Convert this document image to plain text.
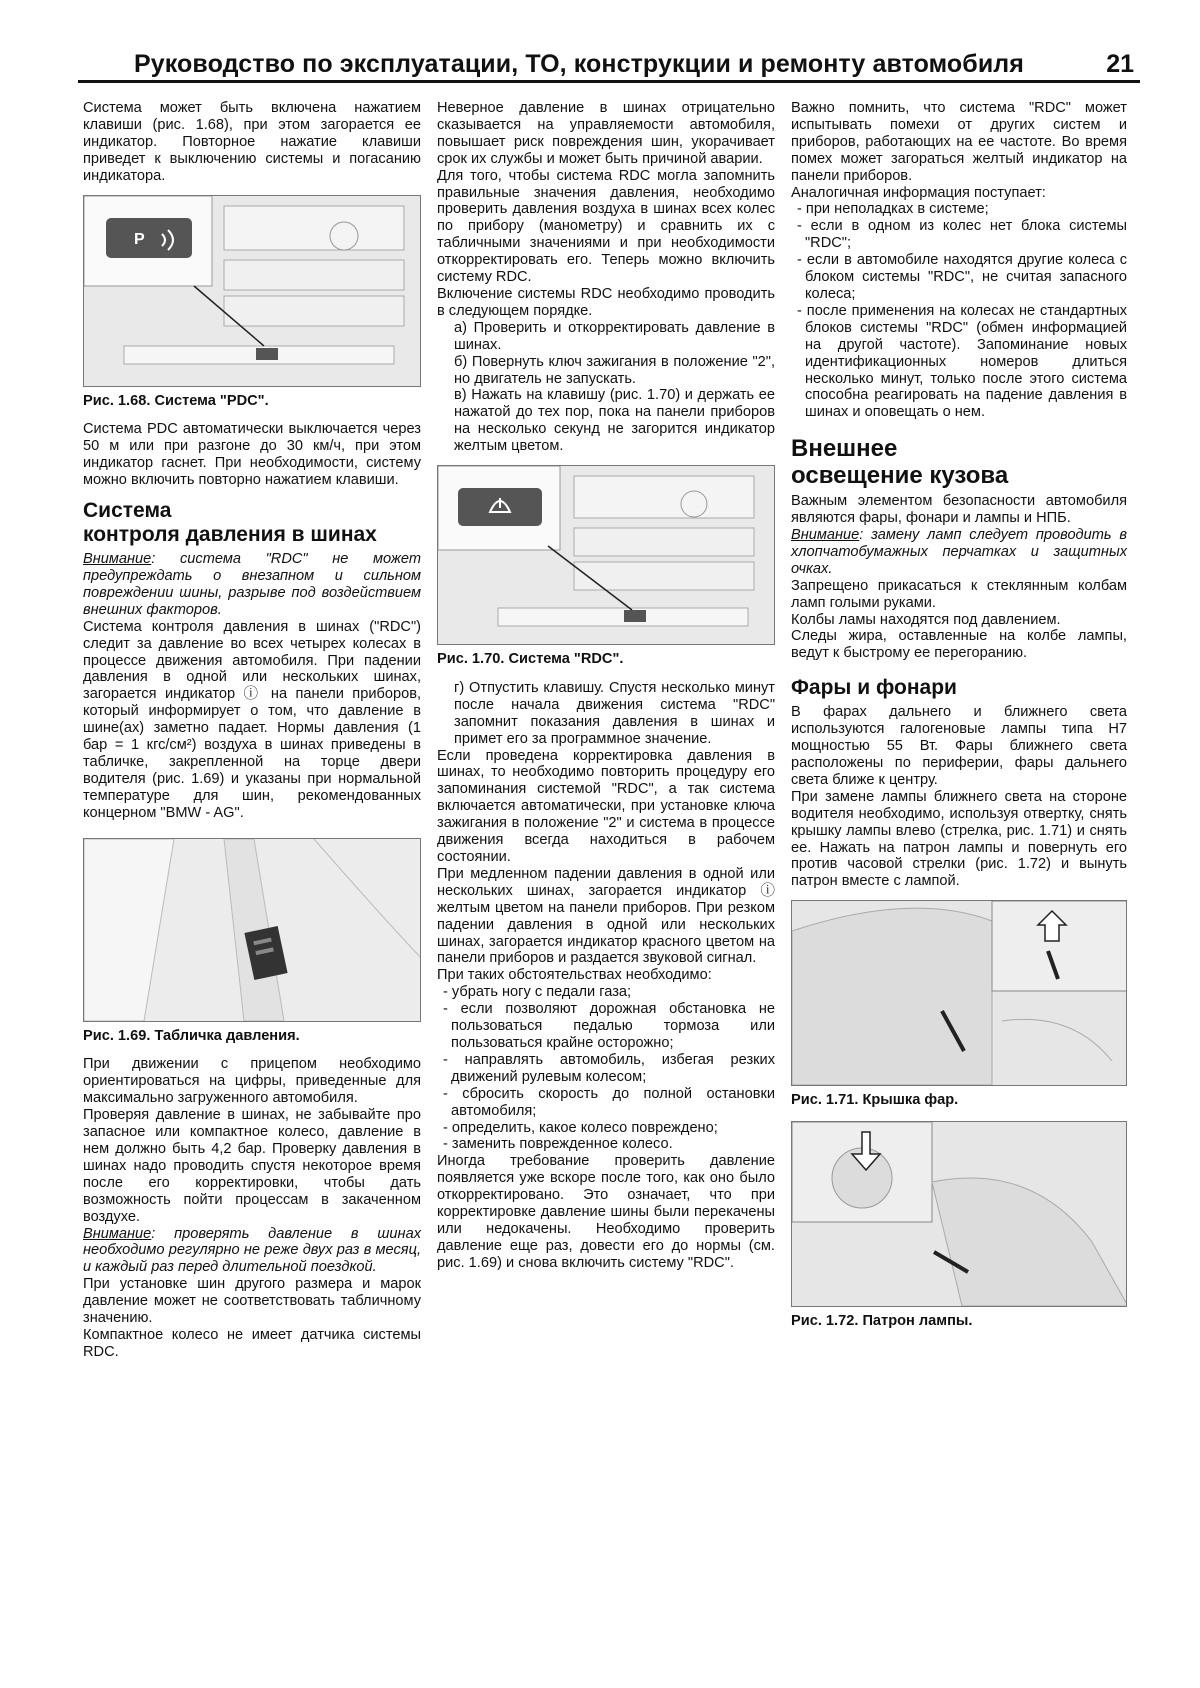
Руководство по эксплуатации, ТО, конструкции и ремонту автомобиля	21

Система может быть включена нажатием клавиши (рис. 1.68), при этом загорается ее индикатор. Повторное нажатие клавиши приведет к выключению системы и погасанию индикатора.

P
Рис. 1.68. Система "PDC".

Система PDC автоматически выключается через 50 м или при разгоне до 30 км/ч, при этом индикатор гаснет. При необходимости, систему можно включить повторно нажатием клавиши.

Система
контроля давления в шинах

Внимание: система "RDC" не может предупреждать о внезапном и сильном повреждении шины, разрывe под воздействием внешних факторов.

Система контроля давления в шинах ("RDC") следит за давление во всех четырех колесах в процессе движения автомобиля. При падении давления в одной или нескольких шинах, загорается индикатор ⓘ на панели приборов, который информирует о том, что давление в шине(ах) заметно падает. Нормы давления (1 бар = 1 кгс/см²) воздуха в шинах приведены в табличке, закрепленной на торце двери водителя (рис. 1.69) и указаны при нормальной температуре для шин, рекомендованных концерном "BMW - AG".

Рис. 1.69. Табличка давления.

При движении с прицепом необходимо ориентироваться на цифры, приведенные для максимально загруженного автомобиля.

Проверяя давление в шинах, не забывайте про запасное или компактное колесо, давление в нем должно быть 4,2 бар. Проверку давления в шинах надо проводить спустя некоторое время после его корректировки, чтобы дать возможность пойти процессам в закаченном воздухе.

Внимание: проверять давление в шинах необходимо регулярно не реже двух раз в месяц, и каждый раз перед длительной поездкой.

При установке шин другого размера и марок давление может не соответствовать табличному значению.

Компактное колесо не имеет датчика системы RDC.

Неверное давление в шинах отрицательно сказывается на управляемости автомобиля, повышает риск повреждения шин, укорачивает срок их службы и может быть причиной аварии.

Для того, чтобы система RDC могла запомнить правильные значения давления, необходимо проверить давления воздуха в шинах всех колес по прибору (манометру) и сравнить их с табличными значениями и при необходимости откорректировать его. Теперь можно включить систему RDC.

Включение системы RDC необходимо проводить в следующем порядке.

а) Проверить и откорректировать давление в шинах.

б) Повернуть ключ зажигания в положение "2", но двигатель не запускать.

в) Нажать на клавишу (рис. 1.70) и держать ее нажатой до тех пор, пока на панели приборов на несколько секунд не загорится индикатор желтым цветом.

Рис. 1.70. Система "RDC".

г) Отпустить клавишу. Спустя несколько минут после начала движения система "RDC" запомнит показания давления в шинах и примет его за программное значение.

Если проведена корректировка давления в шинах, то необходимо повторить процедуру его запоминания системой "RDC", а так система включается автоматически, при установке ключа зажигания в положение "2" и система в процессе движения всегда находиться в рабочем состоянии.

При медленном падении давления в одной или нескольких шинах, загорается индикатор ⓘ желтым цветом на панели приборов. При резком падении давления в одной или нескольких шинах, загорается индикатор красного цветом на панели приборов и раздается звуковой сигнал.

При таких обстоятельствах необходимо:

- убрать ногу с педали газа;

- если позволяют дорожная обстановка не пользоваться педалью тормоза или пользоваться крайне осторожно;

- направлять автомобиль, избегая резких движений рулевым колесом;

- сбросить скорость до полной остановки автомобиля;

- определить, какое колесо повреждено;

- заменить поврежденное колесо.

Иногда требование проверить давление появляется уже вскоре после того, как оно было откорректировано. Это означает, что при корректировке давление шины были перекачены или недокачены. Необходимо проверить давление еще раз, довести его до нормы (см. рис. 1.69) и снова включить систему "RDC".

Важно помнить, что система "RDC" может испытывать помехи от других систем и приборов, работающих на ее частоте. Во время помех может загораться желтый индикатор на панели приборов.

Аналогичная информация поступает:

- при неполадках в системе;

- если в одном из колес нет блока системы "RDC";

- если в автомобиле находятся другие колеса с блоком системы "RDC", не считая запасного колеса;

- после применения на колесах не стандартных блоков системы "RDC" (обмен информацией на другой частоте). Запоминание новых идентификационных номеров длиться несколько минут, только после этого система способна реагировать на падение давления в шинах и оповещать о нем.

Внешнее
освещение кузова

Важным элементом безопасности автомобиля являются фары, фонари и лампы и НПБ.

Внимание: замену ламп следует проводить в хлопчатобумажных перчатках и защитных очках.

Запрещено прикасаться к стеклянным колбам ламп голыми руками.

Колбы ламы находятся под давлением.

Следы жира, оставленные на колбе лампы, ведут к быстрому ее перегоранию.

Фары и фонари

В фарах дальнего и ближнего света используются галогеновые лампы типа H7 мощностью 55 Вт. Фары ближнего света расположены по периферии, фары дальнего света ближе к центру.

При замене лампы ближнего света на стороне водителя необходимо, используя отвертку, снять крышку лампы влево (стрелка, рис. 1.71) и снять ее. Нажать на патрон лампы и повернуть его против часовой стрелки (рис. 1.72) и вынуть патрон вместе с лампой.

Рис. 1.71. Крышка фар.
Рис. 1.72. Патрон лампы.
